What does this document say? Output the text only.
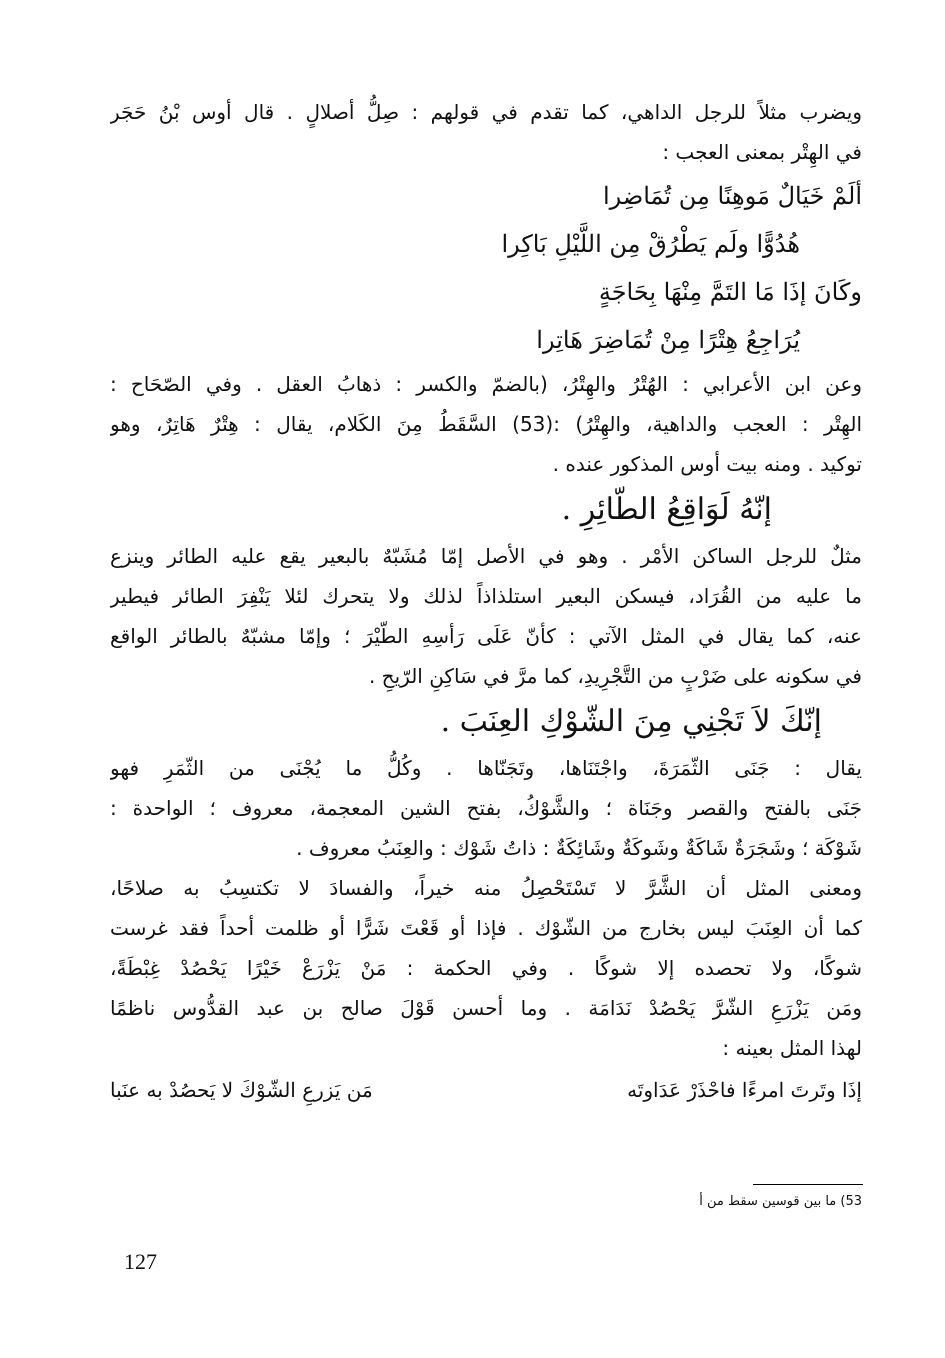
ويضرب مثلاً للرجل الداهي، كما تقدم في قولهم : صِلُّ أصلالٍ . قال أوس بْنُ حَجَر
في الهِتْر بمعنى العجب :
ألَمْ خَيَالٌ مَوهِنًا مِن تُمَاضِرا
هُدُوًّا ولَم يَطْرُقْ مِن اللَّيْلِ بَاكِرا
وكَانَ إذَا مَا التَمَّ مِنْهَا بِحَاجَةٍ
يُرَاجِعُ هِتْرًا مِنْ تُمَاضِرَ هَاتِرا
وعن ابن الأعرابي : الهُتْرُ والهِتْرُ، (بالضمّ والكسر : ذهابُ العقل . وفي الصّحَاح :
الهِتْر : العجب والداهية، والهِتْرُ) :(53) السَّقَطُ مِنَ الكَلام، يقال : هِتْرٌ هَاتِرٌ، وهو
توكيد . ومنه بيت أوس المذكور عنده .
إنّهُ لَوَاقِعُ الطّائِرِ .
مثلٌ للرجل الساكن الأمْر . وهو في الأصل إمّا مُشَبّهٌ بالبعير يقع عليه الطائر وينزع
ما عليه من القُرَاد، فيسكن البعير استلذاذاً لذلك ولا يتحرك لئلا يَنْفِرَ الطائر فيطير
عنه، كما يقال في المثل الآتي : كأنّ عَلَى رَأسِهِ الطّيْرَ ؛ وإمّا مشبّهٌ بالطائر الواقع
في سكونه على ضَرْبٍ من التَّجْرِيدِ، كما مرَّ في سَاكِنِ الرّيحِ .
إنّكَ لاَ تَجْنِي مِنَ الشّوْكِ العِنَبَ .
يقال : جَنَى الثّمَرَةَ، واجْتَنَاها، وتَجَنّاها . وكُلُّ ما يُجْنَى من الثّمَرِ فهو
جَنَى بالفتح والقصر وجَنَاة ؛ والشَّوْكُ، بفتح الشين المعجمة، معروف ؛ الواحدة :
شَوْكَة ؛ وشَجَرَةٌ شَاكَةٌ وشَوكَةٌ وشَائِكَةٌ : ذاتُ شَوْك : والعِنَبُ معروف .
ومعنى المثل أن الشَّرَّ لا تَسْتَحْصِلُ منه خيراً، والفسادَ لا تكتسِبُ به صلاحًا،
كما أن العِنَبَ ليس بخارج من الشّوْك . فإذا أو قَعْتَ شَرًّا أو ظلمت أحداً فقد غرست
شوكًا، ولا تحصده إلا شوكًا . وفي الحكمة : مَنْ يَزْرَعْ خَيْرًا يَحْصُدْ غِبْطَةً،
ومَن يَزْرَعِ الشّرَّ يَحْصُدْ نَدَامَة . وما أحسن قَوْلَ صالح بن عبد القدُّوس ناظمًا
لهذا المثل بعينه :
إذَا وتَرتَ امرءًا فاحْذَرْ عَدَاوتَه
مَن يَزرعِ الشّوْكَ لا يَحصُدْ به عنَبا
53) ما بين قوسين سقط من أ
127
